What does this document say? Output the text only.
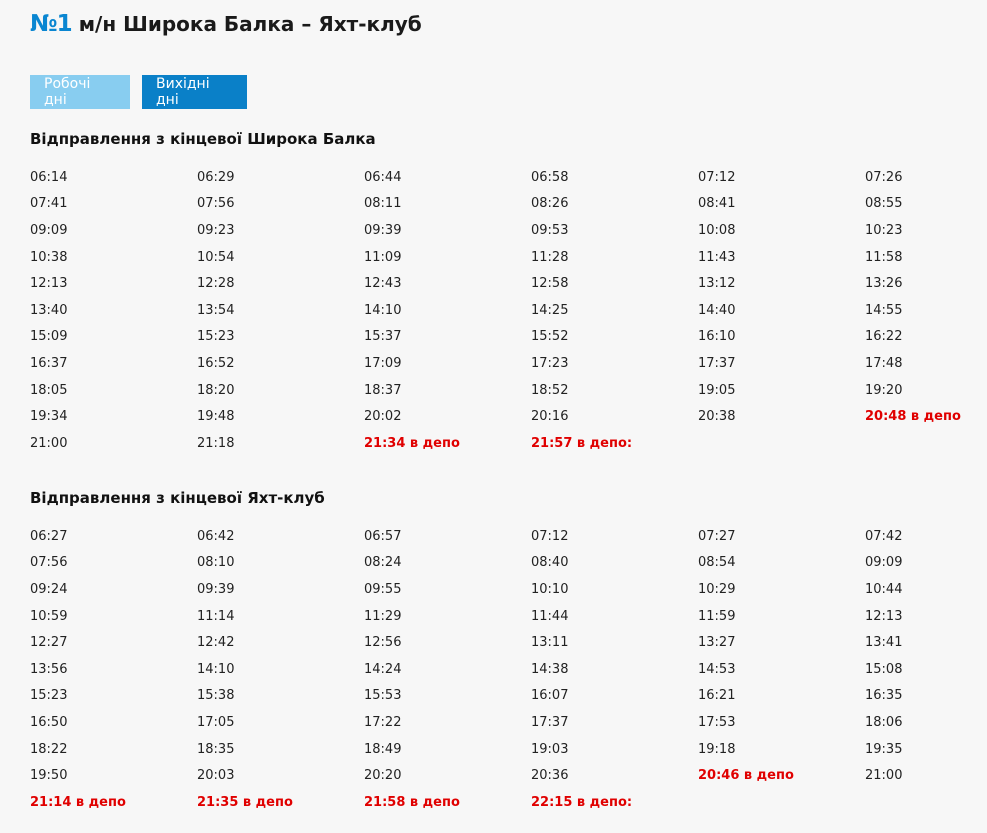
№1 м/н Широка Балка – Яхт-клуб
Робочі дні
Вихідні дні
Відправлення з кінцевої Широка Балка
06:14	06:29	06:44	06:58	07:12	07:26
07:41	07:56	08:11	08:26	08:41	08:55
09:09	09:23	09:39	09:53	10:08	10:23
10:38	10:54	11:09	11:28	11:43	11:58
12:13	12:28	12:43	12:58	13:12	13:26
13:40	13:54	14:10	14:25	14:40	14:55
15:09	15:23	15:37	15:52	16:10	16:22
16:37	16:52	17:09	17:23	17:37	17:48
18:05	18:20	18:37	18:52	19:05	19:20
19:34	19:48	20:02	20:16	20:38	20:48 в депо
21:00	21:18	21:34 в депо	21:57 в депо:
Відправлення з кінцевої Яхт-клуб
06:27	06:42	06:57	07:12	07:27	07:42
07:56	08:10	08:24	08:40	08:54	09:09
09:24	09:39	09:55	10:10	10:29	10:44
10:59	11:14	11:29	11:44	11:59	12:13
12:27	12:42	12:56	13:11	13:27	13:41
13:56	14:10	14:24	14:38	14:53	15:08
15:23	15:38	15:53	16:07	16:21	16:35
16:50	17:05	17:22	17:37	17:53	18:06
18:22	18:35	18:49	19:03	19:18	19:35
19:50	20:03	20:20	20:36	20:46 в депо	21:00
21:14 в депо	21:35 в депо	21:58 в депо	22:15 в депо:
